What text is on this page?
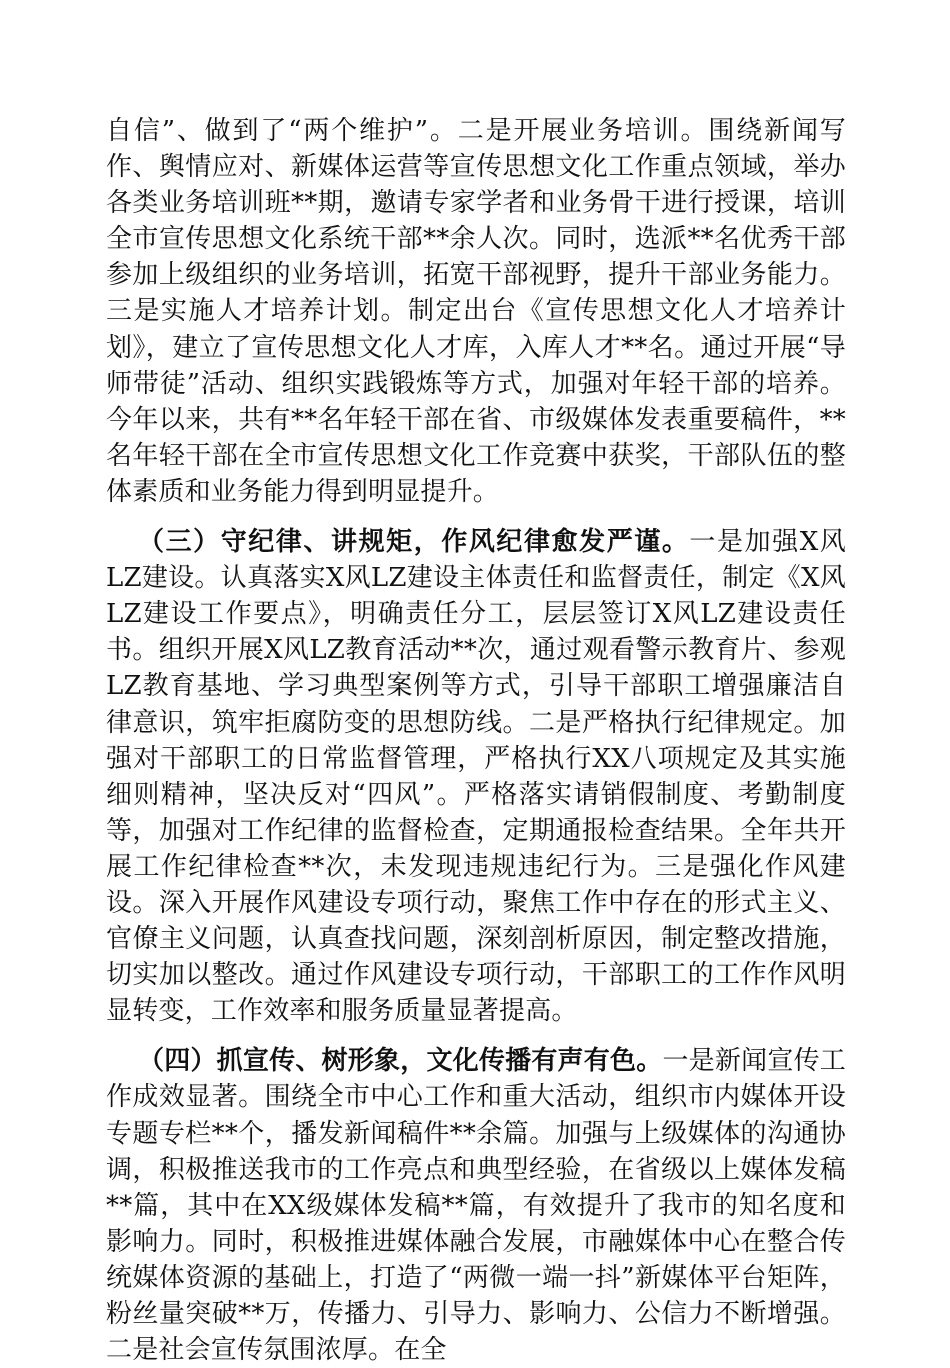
自信”、做到了“两个维护”。二是开展业务培训。围绕新闻写作、舆情应对、新媒体运营等宣传思想文化工作重点领域，举办各类业务培训班**期，邀请专家学者和业务骨干进行授课，培训全市宣传思想文化系统干部**余人次。同时，选派**名优秀干部参加上级组织的业务培训，拓宽干部视野，提升干部业务能力。三是实施人才培养计划。制定出台《宣传思想文化人才培养计划》，建立了宣传思想文化人才库，入库人才**名。通过开展“导师带徒”活动、组织实践锻炼等方式，加强对年轻干部的培养。今年以来，共有**名年轻干部在省、市级媒体发表重要稿件，**名年轻干部在全市宣传思想文化工作竞赛中获奖，干部队伍的整体素质和业务能力得到明显提升。

（三）守纪律、讲规矩，作风纪律愈发严谨。一是加强X风LZ建设。认真落实X风LZ建设主体责任和监督责任，制定《X风LZ建设工作要点》，明确责任分工，层层签订X风LZ建设责任书。组织开展X风LZ教育活动**次，通过观看警示教育片、参观LZ教育基地、学习典型案例等方式，引导干部职工增强廉洁自律意识，筑牢拒腐防变的思想防线。二是严格执行纪律规定。加强对干部职工的日常监督管理，严格执行XX八项规定及其实施细则精神，坚决反对“四风”。严格落实请销假制度、考勤制度等，加强对工作纪律的监督检查，定期通报检查结果。全年共开展工作纪律检查**次，未发现违规违纪行为。三是强化作风建设。深入开展作风建设专项行动，聚焦工作中存在的形式主义、官僚主义问题，认真查找问题，深刻剖析原因，制定整改措施，切实加以整改。通过作风建设专项行动，干部职工的工作作风明显转变，工作效率和服务质量显著提高。

（四）抓宣传、树形象，文化传播有声有色。一是新闻宣传工作成效显著。围绕全市中心工作和重大活动，组织市内媒体开设专题专栏**个，播发新闻稿件**余篇。加强与上级媒体的沟通协调，积极推送我市的工作亮点和典型经验，在省级以上媒体发稿**篇，其中在XX级媒体发稿**篇，有效提升了我市的知名度和影响力。同时，积极推进媒体融合发展，市融媒体中心在整合传统媒体资源的基础上，打造了“两微一端一抖”新媒体平台矩阵，粉丝量突破**万，传播力、引导力、影响力、公信力不断增强。二是社会宣传氛围浓厚。在全
